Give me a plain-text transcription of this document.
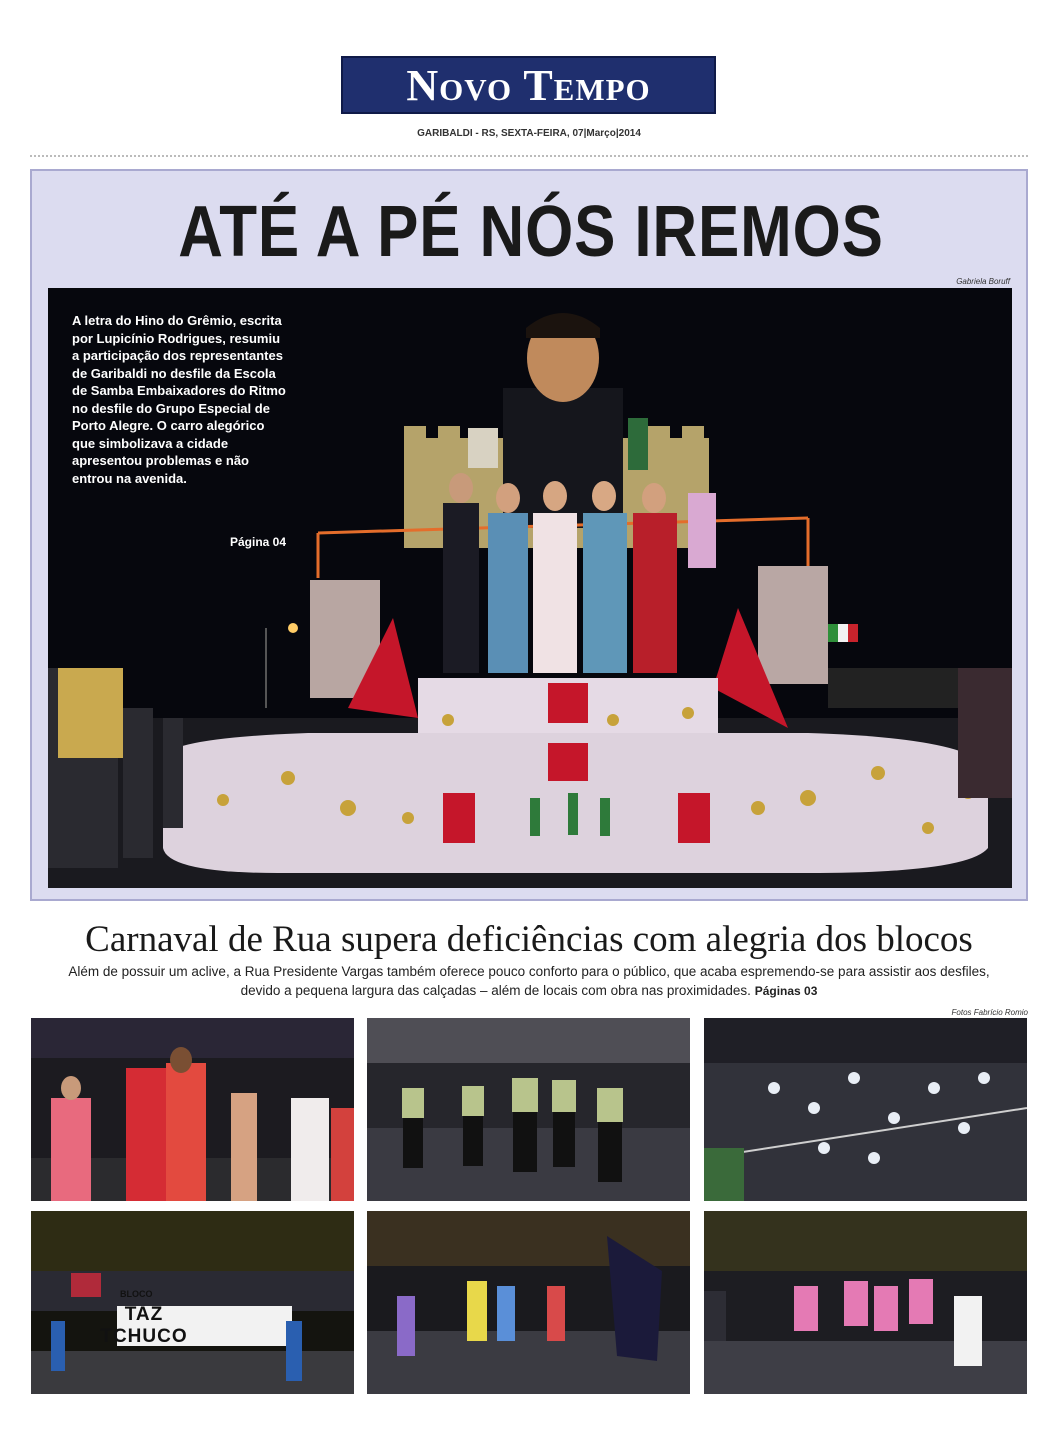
Novo Tempo
GARIBALDI - RS, SEXTA-FEIRA, 07|Março|2014
ATÉ A PÉ NÓS IREMOS
Gabriela Boruff
A letra do Hino do Grêmio, escrita por Lupicínio Rodrigues, resumiu a participação dos representantes de Garibaldi no desfile da Escola de Samba Embaixadores do Ritmo no desfile do Grupo Especial de Porto Alegre. O carro alegórico que simbolizava a cidade apresentou problemas e não entrou na avenida.
Página 04
Carnaval de Rua supera deficiências com alegria dos blocos
Além de possuir um aclive, a Rua Presidente Vargas também oferece pouco conforto para o público, que acaba espremendo-se para assistir aos desfiles, devido a pequena largura das calçadas – além de locais com obra nas proximidades. Páginas 03
Fotos Fabrício Romio
BLOCO
TAZ TCHUCO
